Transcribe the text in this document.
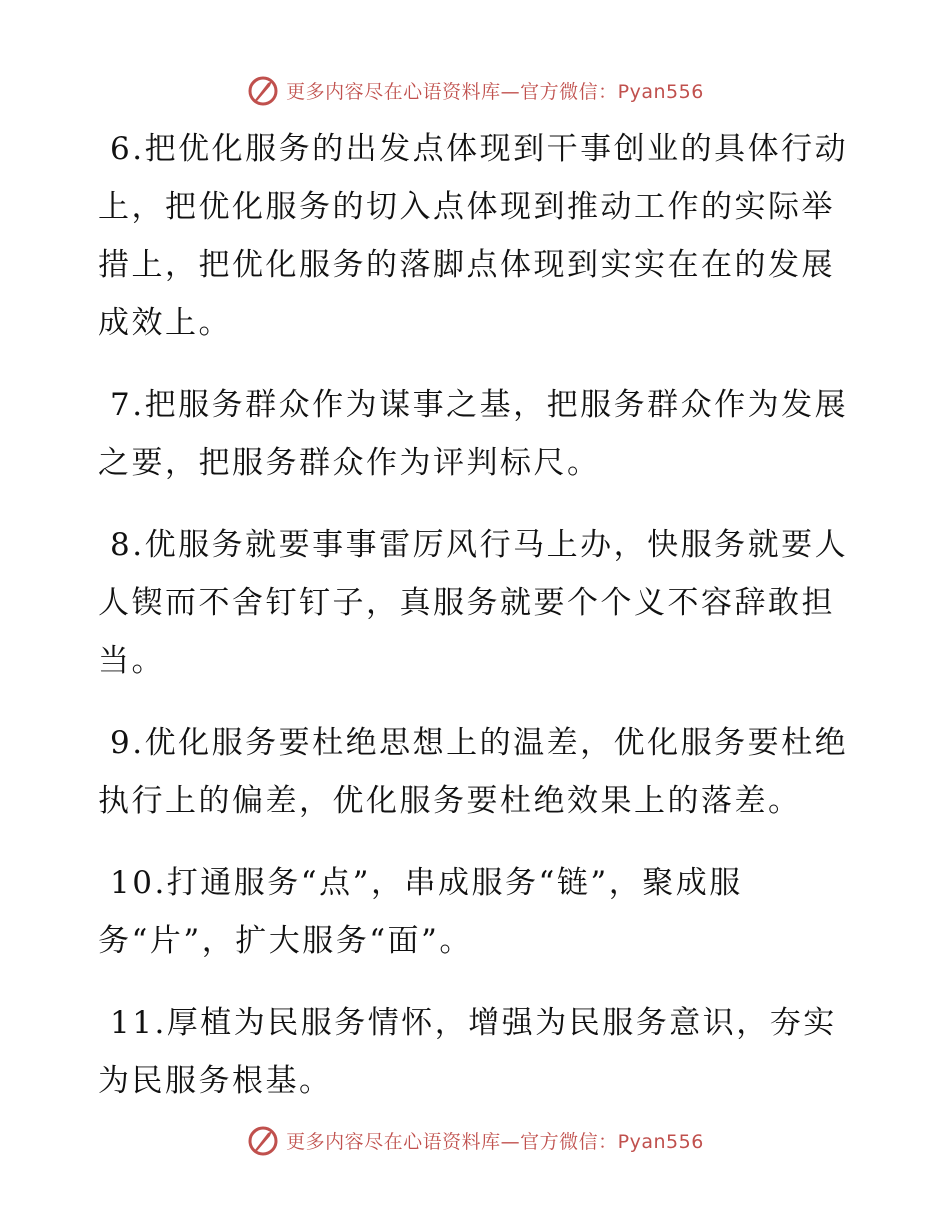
更多内容尽在心语资料库—官方微信：Pyan556

6.把优化服务的出发点体现到干事创业的具体行动上，把优化服务的切入点体现到推动工作的实际举措上，把优化服务的落脚点体现到实实在在的发展成效上。

7.把服务群众作为谋事之基，把服务群众作为发展之要，把服务群众作为评判标尺。

8.优服务就要事事雷厉风行马上办，快服务就要人人锲而不舍钉钉子，真服务就要个个义不容辞敢担当。

9.优化服务要杜绝思想上的温差，优化服务要杜绝执行上的偏差，优化服务要杜绝效果上的落差。

10.打通服务“点”，串成服务“链”，聚成服务“片”，扩大服务“面”。

11.厚植为民服务情怀，增强为民服务意识，夯实为民服务根基。

更多内容尽在心语资料库—官方微信：Pyan556
